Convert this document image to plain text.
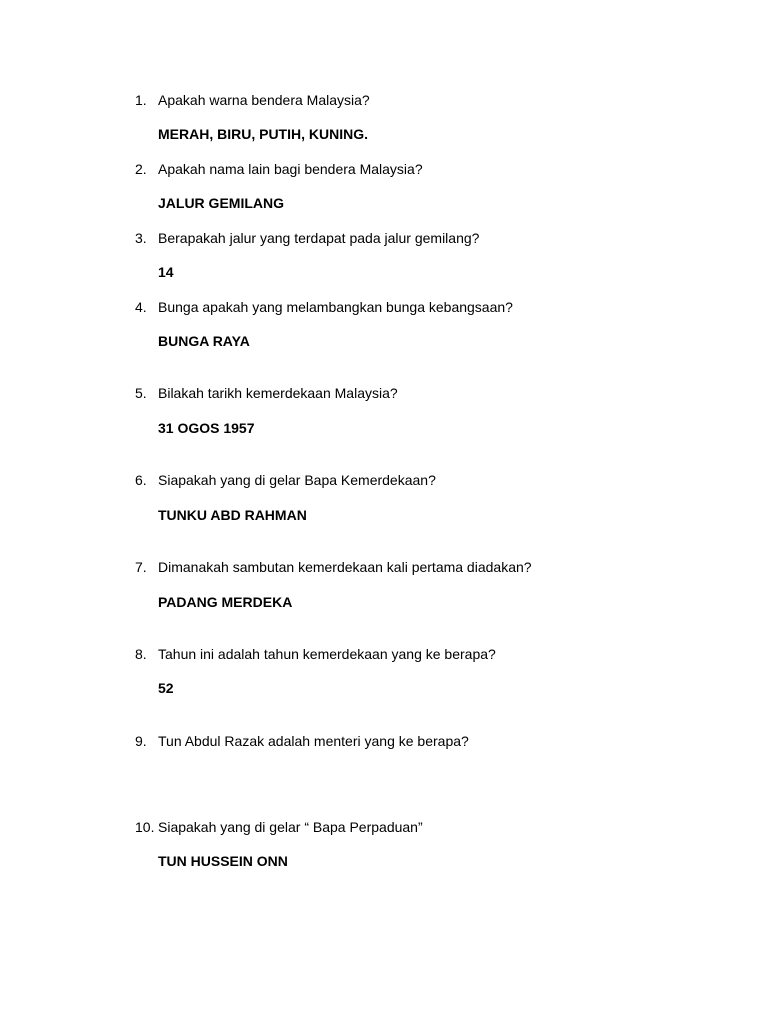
1. Apakah warna bendera Malaysia?
MERAH, BIRU, PUTIH, KUNING.
2. Apakah nama lain bagi bendera Malaysia?
JALUR GEMILANG
3. Berapakah jalur yang terdapat pada jalur gemilang?
14
4. Bunga apakah yang melambangkan bunga kebangsaan?
BUNGA RAYA
5. Bilakah tarikh kemerdekaan Malaysia?
31 OGOS 1957
6. Siapakah yang di gelar Bapa Kemerdekaan?
TUNKU ABD RAHMAN
7. Dimanakah sambutan kemerdekaan kali pertama diadakan?
PADANG MERDEKA
8. Tahun ini adalah tahun kemerdekaan yang ke berapa?
52
9. Tun Abdul Razak adalah menteri yang ke berapa?
10. Siapakah yang di gelar “ Bapa Perpaduan”
TUN HUSSEIN ONN
